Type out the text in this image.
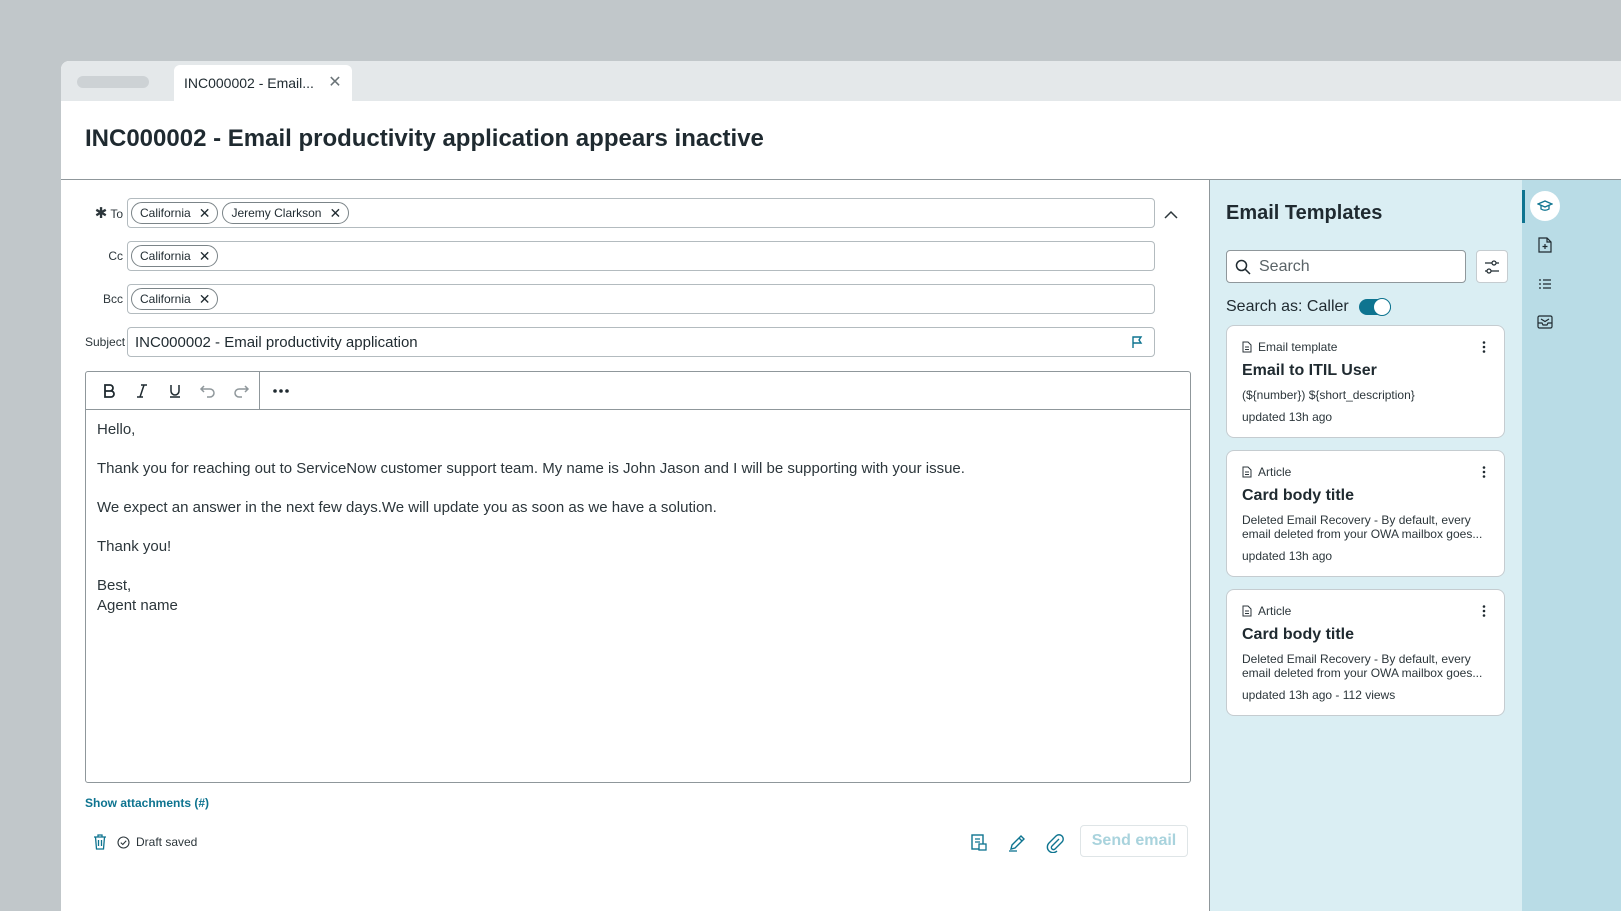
INC000002 - Email... ✕
INC000002 - Email productivity application appears inactive
✱ To	California ✕ Jeremy Clarkson ✕
Cc	California ✕
Bcc	California ✕
Subject INC000002 - Email productivity application

Hello,

Thank you for reaching out to ServiceNow customer support team. My name is John Jason and I will be supporting with your issue.

We expect an answer in the next few days.We will update you as soon as we have a solution.

Thank you!

Best,
Agent name
Show attachments (#)
Draft saved	Send email
Email Templates
Search
Search as: Caller
Email template
Email to ITIL User
(${number}) ${short_description}
updated 13h ago
Article
Card body title
Deleted Email Recovery - By default, every email deleted from your OWA mailbox goes...
updated 13h ago
Article
Card body title
Deleted Email Recovery - By default, every email deleted from your OWA mailbox goes...
updated 13h ago - 112 views
